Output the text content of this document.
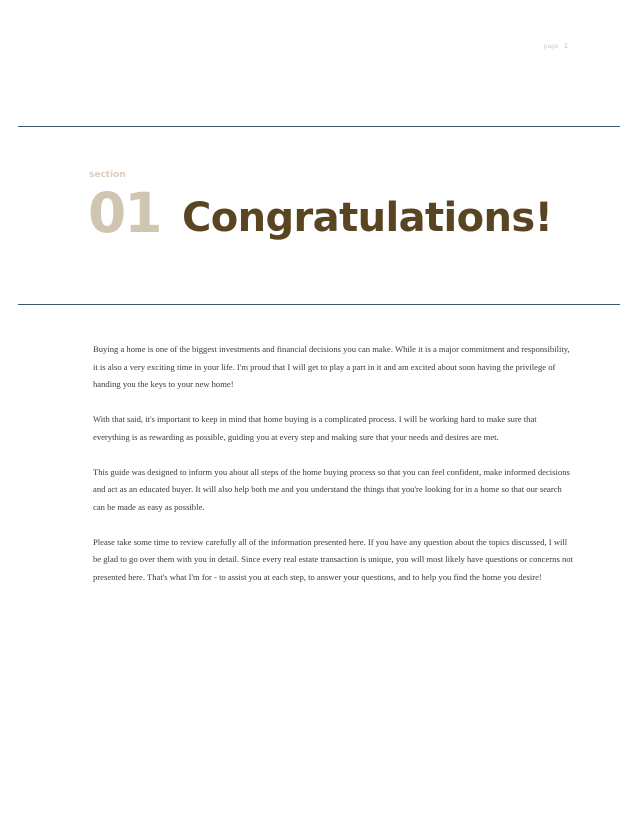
page 1
section
01 Congratulations!

Buying a home is one of the biggest investments and financial decisions you can make. While it is a major commitment and responsibility, it is also a very exciting time in your life. I'm proud that I will get to play a part in it and am excited about soon having the privilege of handing you the keys to your new home!

With that said, it's important to keep in mind that home buying is a complicated process. I will be working hard to make sure that everything is as rewarding as possible, guiding you at every step and making sure that your needs and desires are met.

This guide was designed to inform you about all steps of the home buying process so that you can feel confident, make informed decisions and act as an educated buyer. It will also help both me and you understand the things that you're looking for in a home so that our search can be made as easy as possible.

Please take some time to review carefully all of the information presented here. If you have any question about the topics discussed, I will be glad to go over them with you in detail. Since every real estate transaction is unique, you will most likely have questions or concerns not presented here. That's what I'm for - to assist you at each step, to answer your questions, and to help you find the home you desire!
